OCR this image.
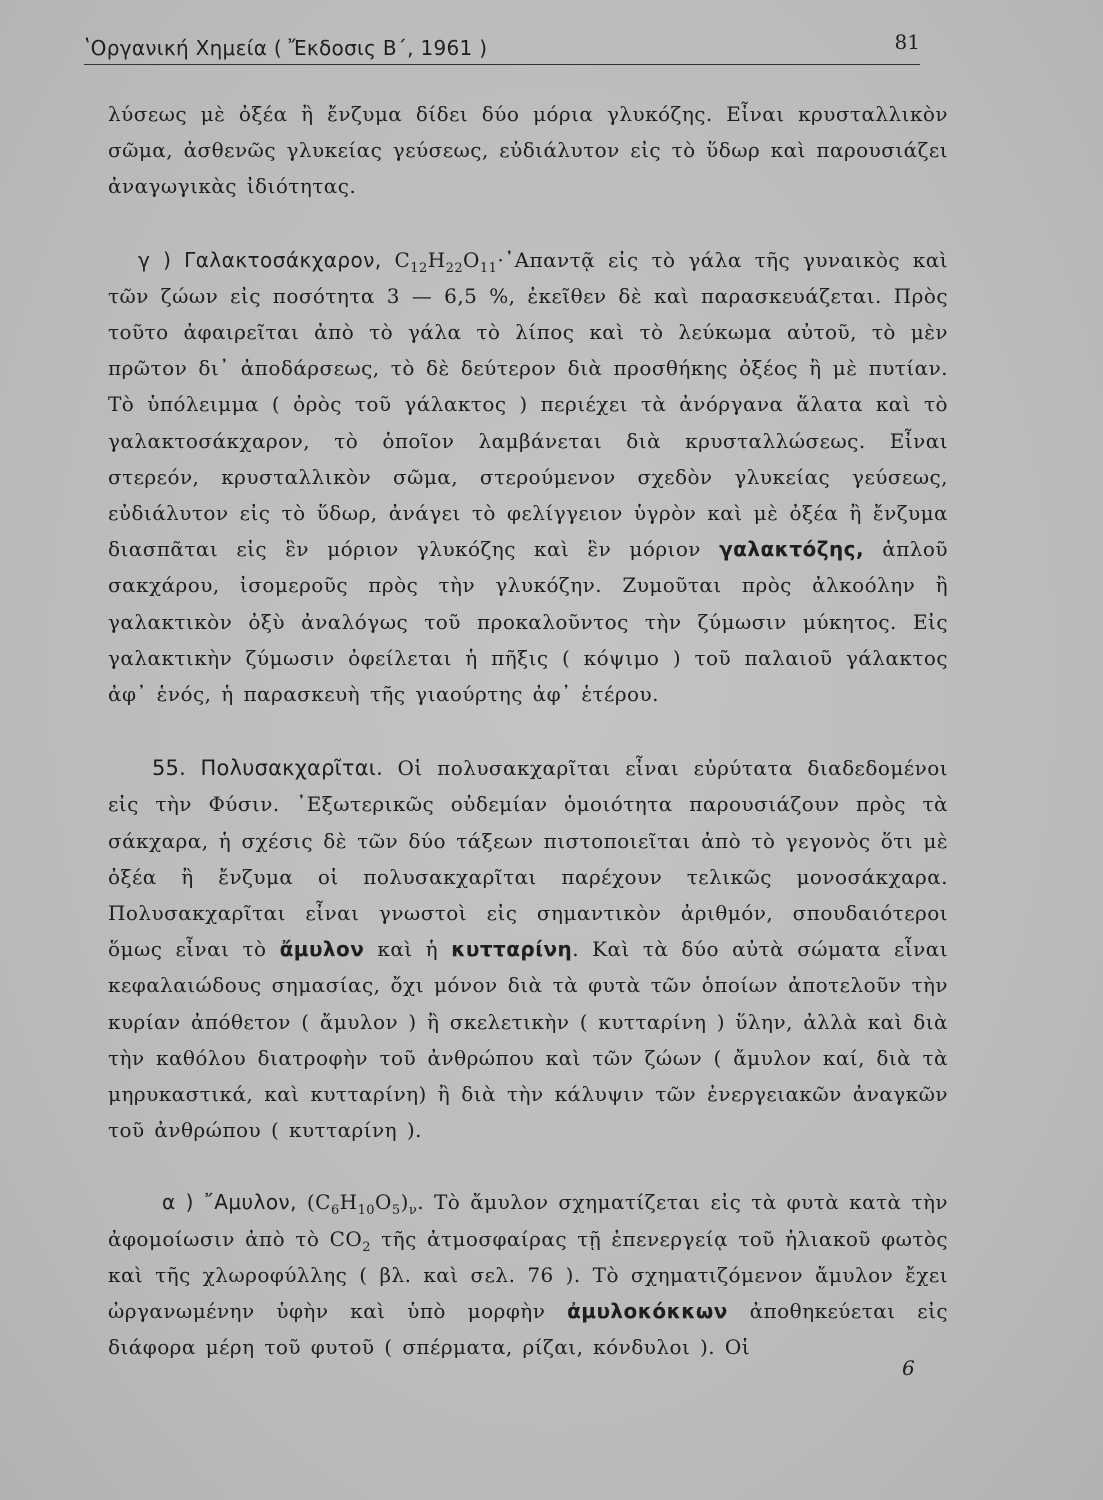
ʽΟργανική Χημεία ( Ἔκδοσις Β΄, 1961 )	81

λύσεως μὲ ὀξέα ἢ ἔνζυμα δίδει δύο μόρια γλυκόζης. Εἶναι κρυσταλλικὸν σῶμα, ἀσθενῶς γλυκείας γεύσεως, εὐδιάλυτον εἰς τὸ ὕδωρ καὶ παρουσιάζει ἀναγωγικὰς ἰδιότητας.

γ ) Γαλακτοσάκχαρον, $C_{12}H_{22}O_{11}\cdot᾿A\pi\alpha\nu\tau ᾷ$ εἰς τὸ γάλα τῆς γυναικὸς καὶ τῶν ζώων εἰς ποσότητα 3 — 6,5 %, ἐκεῖθεν δὲ καὶ παρασκευάζεται. Πρὸς τοῦτο ἀφαιρεῖται ἀπὸ τὸ γάλα τὸ λίπος καὶ τὸ λεύκωμα αὐτοῦ, τὸ μὲν πρῶτον δι᾿ ἀποδάρσεως, τὸ δὲ δεύτερον διὰ προσθήκης ὀξέος ἢ μὲ πυτίαν. Τὸ ὑπόλειμμα ( ὀρὸς τοῦ γάλακτος ) περιέχει τὰ ἀνόργανα ἅλατα καὶ τὸ γαλακτοσάκχαρον, τὸ ὁποῖον λαμβάνεται διὰ κρυσταλλώσεως. Εἶναι στερεόν, κρυσταλλικὸν σῶμα, στερούμενον σχεδὸν γλυκείας γεύσεως, εὐδιάλυτον εἰς τὸ ὕδωρ, ἀνάγει τὸ φελίγγειον ὑγρὸν καὶ μὲ ὀξέα ἢ ἔνζυμα διασπᾶται εἰς ἓν μόριον γλυκόζης καὶ ἓν μόριον γαλακτόζης, ἁπλοῦ σακχάρου, ἰσομεροῦς πρὸς τὴν γλυκόζην. Ζυμοῦται πρὸς ἀλκοόλην ἢ γαλακτικὸν ὀξὺ ἀναλόγως τοῦ προκαλοῦντος τὴν ζύμωσιν μύκητος. Εἰς γαλακτικὴν ζύμωσιν ὀφείλεται ἡ πῆξις ( κόψιμο ) τοῦ παλαιοῦ γάλακτος ἀφ᾿ ἑνός, ἡ παρασκευὴ τῆς γιαούρτης ἀφ᾿ ἑτέρου.

55. Πολυσακχαρῖται. Οἱ πολυσακχαρῖται εἶναι εὐρύτατα διαδεδομένοι εἰς τὴν Φύσιν. ᾿Εξωτερικῶς οὐδεμίαν ὁμοιότητα παρουσιάζουν πρὸς τὰ σάκχαρα, ἡ σχέσις δὲ τῶν δύο τάξεων πιστοποιεῖται ἀπὸ τὸ γεγονὸς ὅτι μὲ ὀξέα ἢ ἔνζυμα οἱ πολυσακχαρῖται παρέχουν τελικῶς μονοσάκχαρα. Πολυσακχαρῖται εἶναι γνωστοὶ εἰς σημαντικὸν ἀριθμόν, σπουδαιότεροι ὅμως εἶναι τὸ ἄμυλον καὶ ἡ κυτταρίνη. Καὶ τὰ δύο αὐτὰ σώματα εἶναι κεφαλαιώδους σημασίας, ὄχι μόνον διὰ τὰ φυτὰ τῶν ὁποίων ἀποτελοῦν τὴν κυρίαν ἀπόθετον ( ἄμυλον ) ἢ σκελετικὴν ( κυτταρίνη ) ὕλην, ἀλλὰ καὶ διὰ τὴν καθόλου διατροφὴν τοῦ ἀνθρώπου καὶ τῶν ζώων ( ἄμυλον καί, διὰ τὰ μηρυκαστικά, καὶ κυτταρίνη) ἢ διὰ τὴν κάλυψιν τῶν ἐνεργειακῶν ἀναγκῶν τοῦ ἀνθρώπου ( κυτταρίνη ).

α ) ῎Αμυλον, $(C_6H_{10}O_5)_\nu$. Τὸ ἄμυλον σχηματίζεται εἰς τὰ φυτὰ κατὰ τὴν ἀφομοίωσιν ἀπὸ τὸ $CO_2$ τῆς ἀτμοσφαίρας τῇ ἐπενεργείᾳ τοῦ ἡλιακοῦ φωτὸς καὶ τῆς χλωροφύλλης ( βλ. καὶ σελ. 76 ). Τὸ σχηματιζόμενον ἄμυλον ἔχει ὠργανωμένην ὑφὴν καὶ ὑπὸ μορφὴν ἀμυλοκόκκων ἀποθηκεύεται εἰς διάφορα μέρη τοῦ φυτοῦ ( σπέρματα, ρίζαι, κόνδυλοι ). Οἱ

6
